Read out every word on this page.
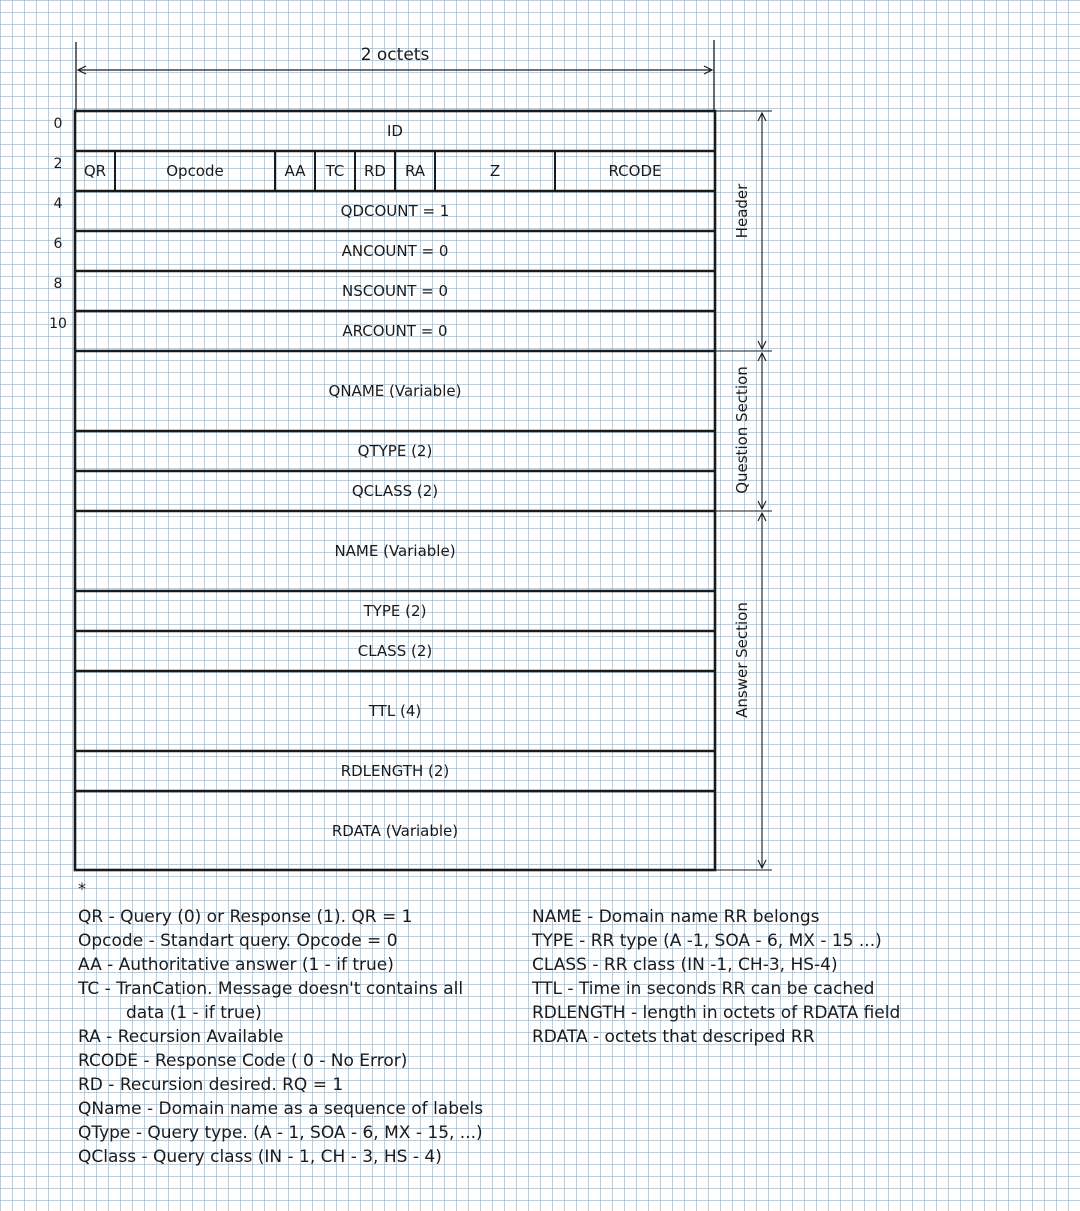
2 octets
0
2
4
6
8
10
ID
QR	Opcode	AA	TC	RD	RA	Z	RCODE
QDCOUNT = 1
ANCOUNT = 0
NSCOUNT = 0
ARCOUNT = 0
QNAME (Variable)
QTYPE (2)
QCLASS (2)
NAME (Variable)
TYPE (2)
CLASS (2)
TTL (4)
RDLENGTH (2)
RDATA (Variable)
Header
Question Section
Answer Section
*
QR - Query (0) or Response (1). QR = 1
Opcode - Standart query. Opcode = 0
AA - Authoritative answer (1 - if true)
TC - TranCation. Message doesn't contains all
data (1 - if true)
RA - Recursion Available
RCODE - Response Code ( 0 - No Error)
RD - Recursion desired. RQ = 1
QName - Domain name as a sequence of labels
QType - Query type. (A - 1, SOA - 6, MX - 15, ...)
QClass - Query class (IN - 1, CH - 3, HS - 4)
NAME - Domain name RR belongs
TYPE - RR type (A -1, SOA - 6, MX - 15 ...)
CLASS - RR class (IN -1, CH-3, HS-4)
TTL - Time in seconds RR can be cached
RDLENGTH - length in octets of RDATA field
RDATA - octets that descriped RR
